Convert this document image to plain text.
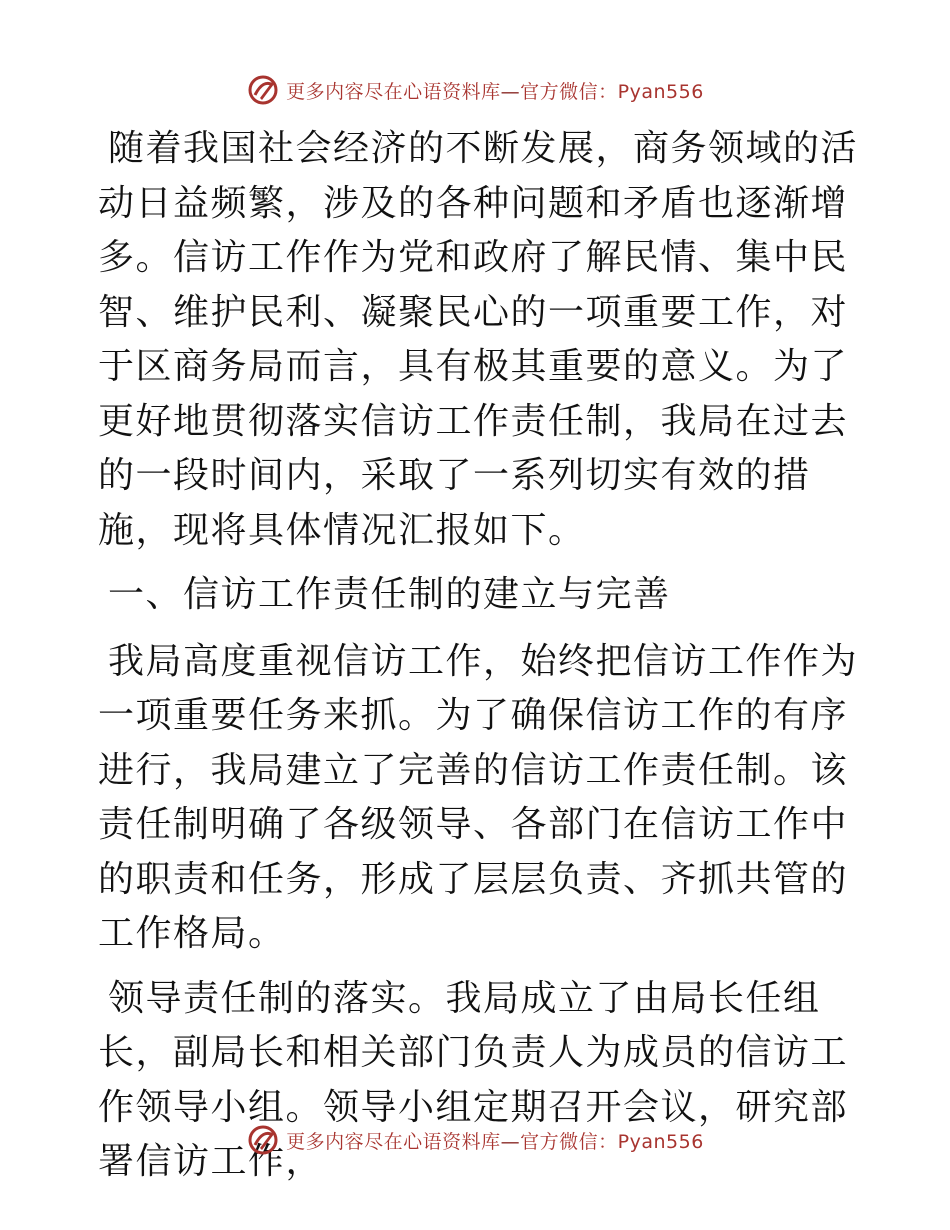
更多内容尽在心语资料库—官方微信：Pyan556

随着我国社会经济的不断发展，商务领域的活动日益频繁，涉及的各种问题和矛盾也逐渐增多。信访工作作为党和政府了解民情、集中民智、维护民利、凝聚民心的一项重要工作，对于区商务局而言，具有极其重要的意义。为了更好地贯彻落实信访工作责任制，我局在过去的一段时间内，采取了一系列切实有效的措施，现将具体情况汇报如下。

一、信访工作责任制的建立与完善

我局高度重视信访工作，始终把信访工作作为一项重要任务来抓。为了确保信访工作的有序进行，我局建立了完善的信访工作责任制。该责任制明确了各级领导、各部门在信访工作中的职责和任务，形成了层层负责、齐抓共管的工作格局。

领导责任制的落实。我局成立了由局长任组长，副局长和相关部门负责人为成员的信访工作领导小组。领导小组定期召开会议，研究部署信访工作，

更多内容尽在心语资料库—官方微信：Pyan556
